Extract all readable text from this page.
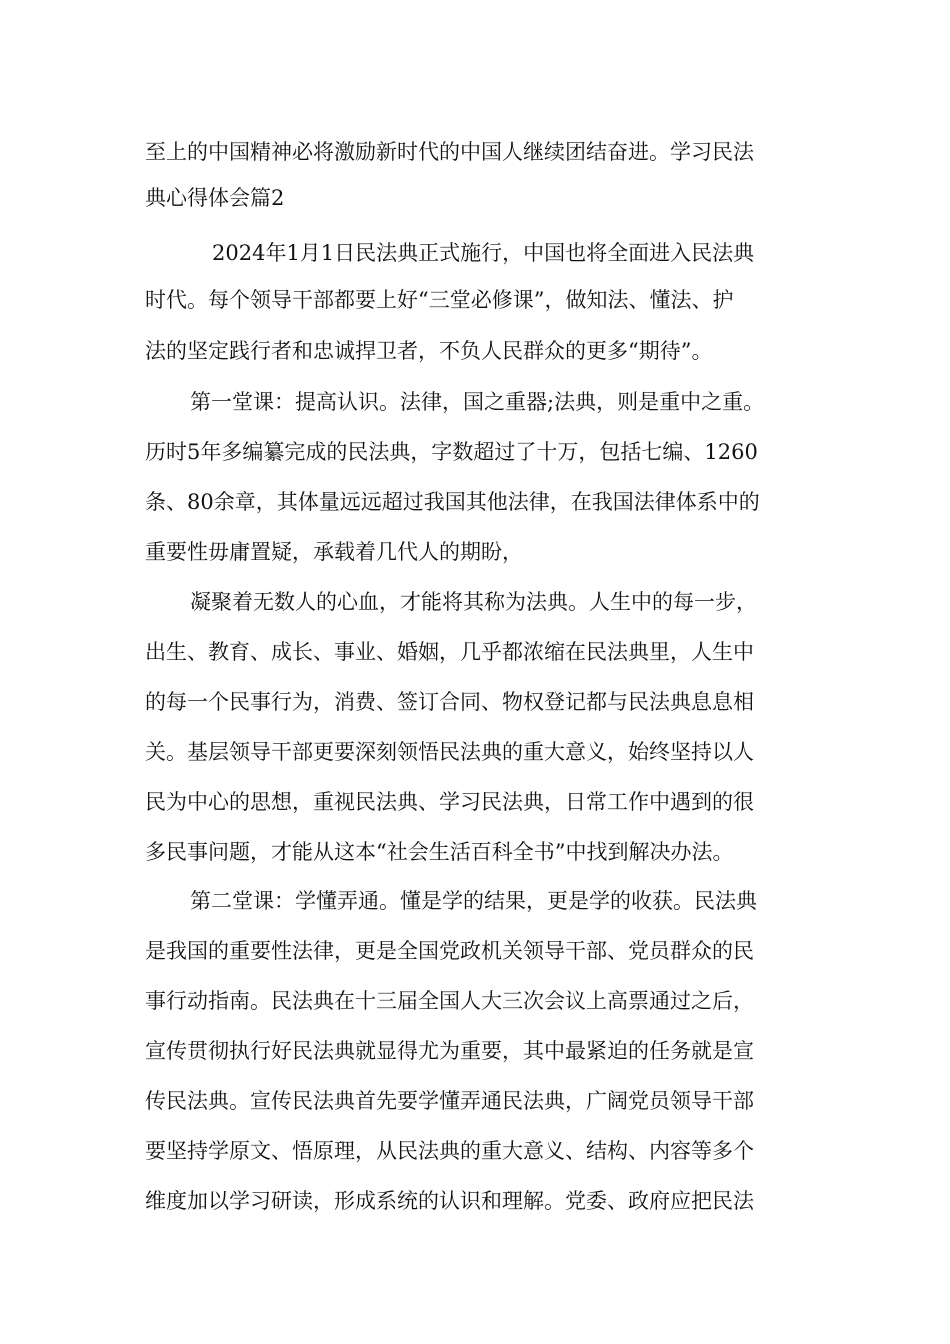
至上的中国精神必将激励新时代的中国人继续团结奋进。学习民法
典心得体会篇2
2024年1月1日民法典正式施行，中国也将全面进入民法典
时代。每个领导干部都要上好“三堂必修课”，做知法、懂法、护
法的坚定践行者和忠诚捍卫者，不负人民群众的更多“期待”。
第一堂课：提高认识。法律，国之重器;法典，则是重中之重。
历时5年多编纂完成的民法典，字数超过了十万，包括七编、1260
条、80余章，其体量远远超过我国其他法律，在我国法律体系中的
重要性毋庸置疑，承载着几代人的期盼，
凝聚着无数人的心血，才能将其称为法典。人生中的每一步，
出生、教育、成长、事业、婚姻，几乎都浓缩在民法典里，人生中
的每一个民事行为，消费、签订合同、物权登记都与民法典息息相
关。基层领导干部更要深刻领悟民法典的重大意义，始终坚持以人
民为中心的思想，重视民法典、学习民法典，日常工作中遇到的很
多民事问题，才能从这本“社会生活百科全书”中找到解决办法。
第二堂课：学懂弄通。懂是学的结果，更是学的收获。民法典
是我国的重要性法律，更是全国党政机关领导干部、党员群众的民
事行动指南。民法典在十三届全国人大三次会议上高票通过之后，
宣传贯彻执行好民法典就显得尤为重要，其中最紧迫的任务就是宣
传民法典。宣传民法典首先要学懂弄通民法典，广阔党员领导干部
要坚持学原文、悟原理，从民法典的重大意义、结构、内容等多个
维度加以学习研读，形成系统的认识和理解。党委、政府应把民法
